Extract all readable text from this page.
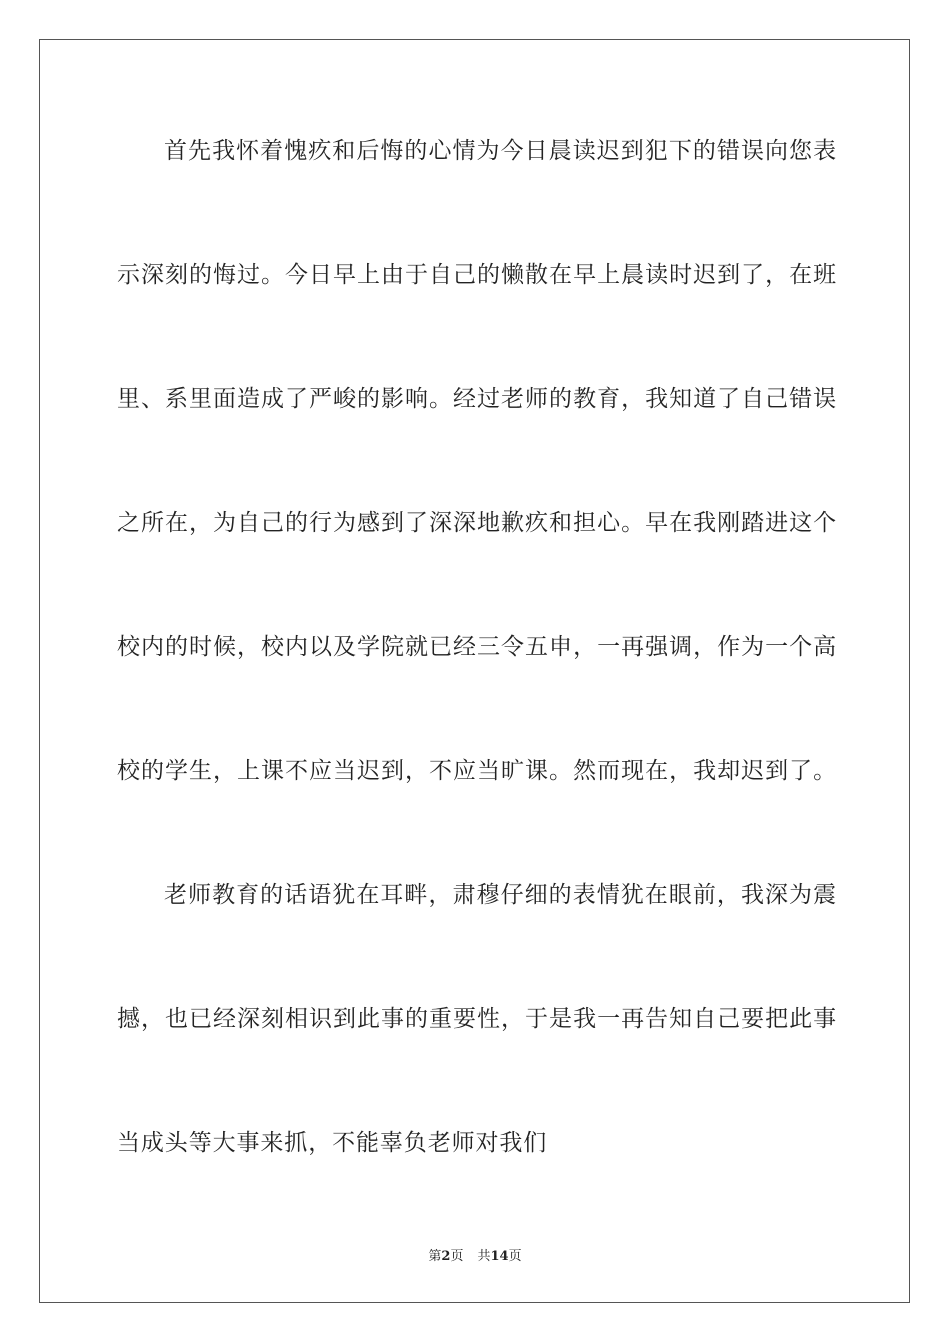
首先我怀着愧疚和后悔的心情为今日晨读迟到犯下的错误向您表
示深刻的悔过。今日早上由于自己的懒散在早上晨读时迟到了，在班
里、系里面造成了严峻的影响。经过老师的教育，我知道了自己错误
之所在，为自己的行为感到了深深地歉疚和担心。早在我刚踏进这个
校内的时候，校内以及学院就已经三令五申，一再强调，作为一个高
校的学生，上课不应当迟到，不应当旷课。然而现在，我却迟到了。
老师教育的话语犹在耳畔，肃穆仔细的表情犹在眼前，我深为震
撼，也已经深刻相识到此事的重要性，于是我一再告知自己要把此事
当成头等大事来抓，不能辜负老师对我们
第2页 共14页
